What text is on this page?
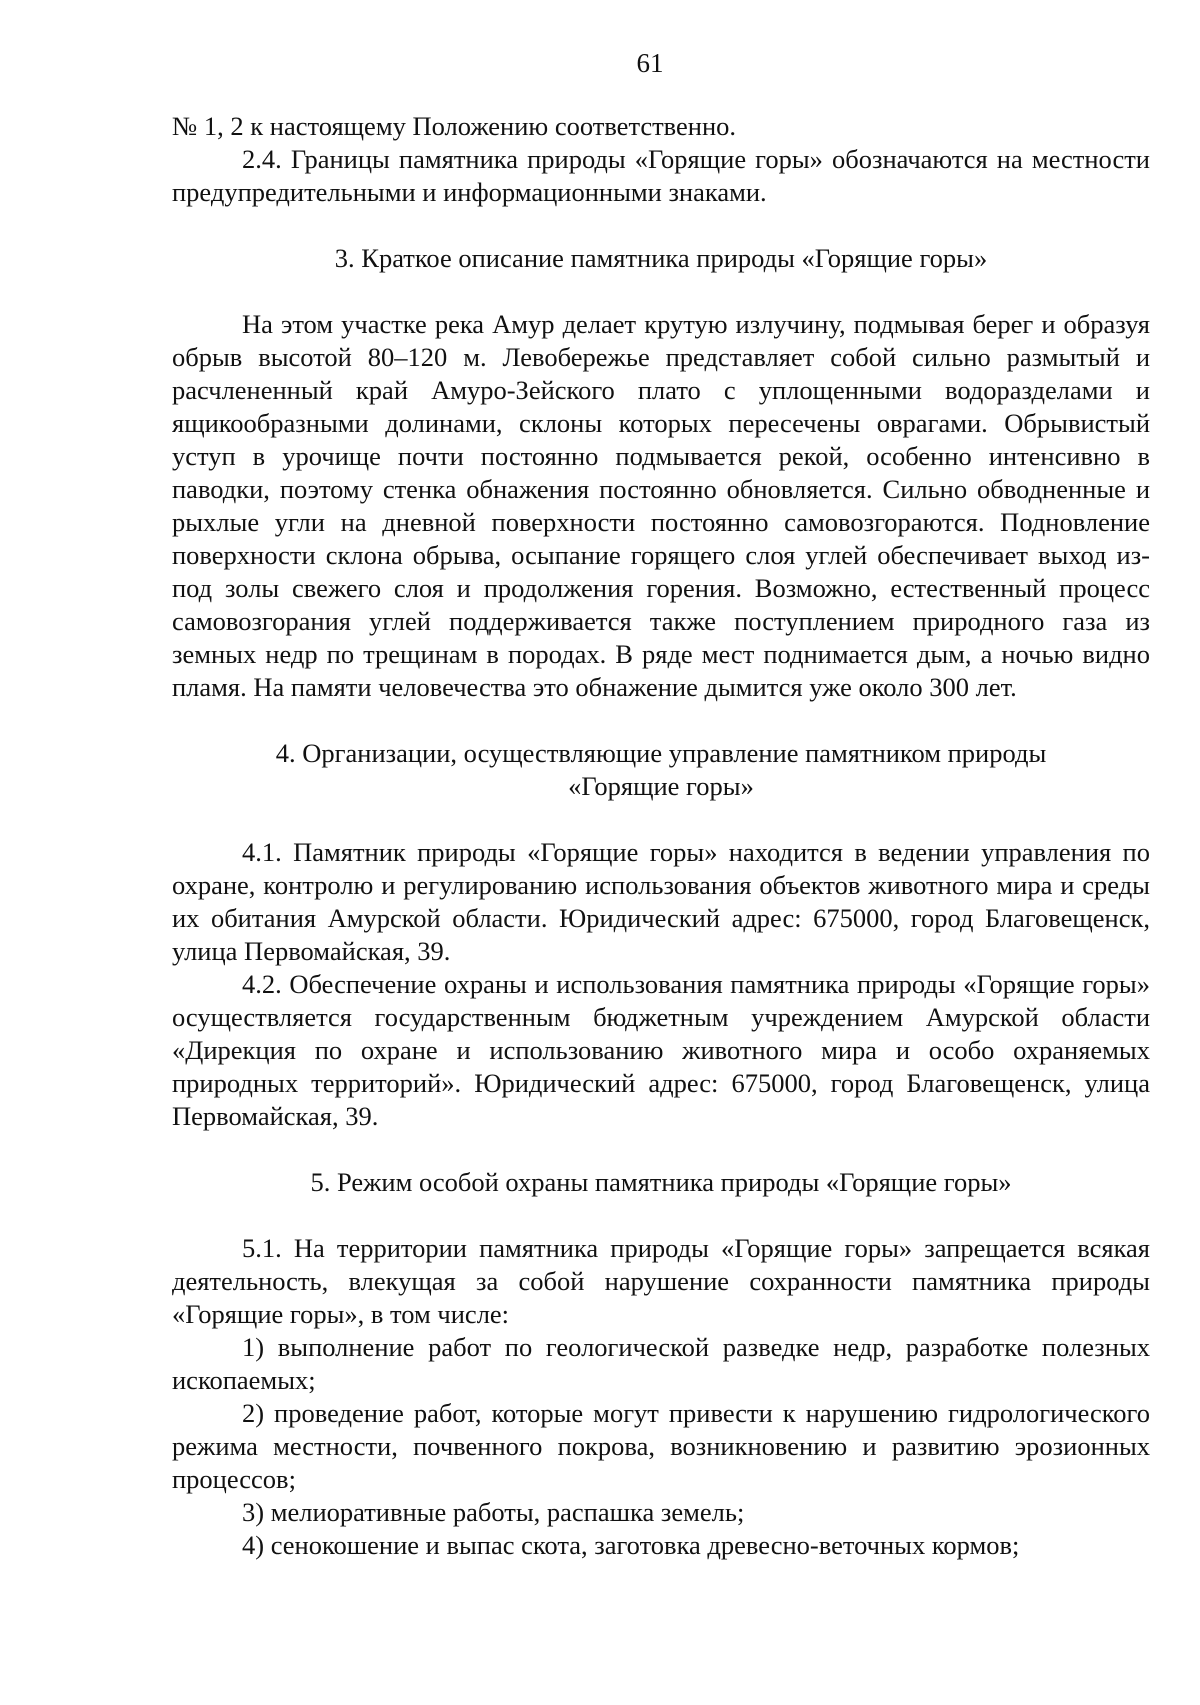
61

№ 1, 2 к настоящему Положению соответственно.

2.4. Границы памятника природы «Горящие горы» обозначаются на местности предупредительными и информационными знаками.

3. Краткое описание памятника природы «Горящие горы»

На этом участке река Амур делает крутую излучину, подмывая берег и образуя обрыв высотой 80–120 м. Левобережье представляет собой сильно размытый и расчлененный край Амуро-Зейского плато с уплощенными водоразделами и ящикообразными долинами, склоны которых пересечены оврагами. Обрывистый уступ в урочище почти постоянно подмывается рекой, особенно интенсивно в паводки, поэтому стенка обнажения постоянно обновляется. Сильно обводненные и рыхлые угли на дневной поверхности постоянно самовозгораются. Подновление поверхности склона обрыва, осыпание горящего слоя углей обеспечивает выход из-под золы свежего слоя и продолжения горения. Возможно, естественный процесс самовозгорания углей поддерживается также поступлением природного газа из земных недр по трещинам в породах. В ряде мест поднимается дым, а ночью видно пламя. На памяти человечества это обнажение дымится уже около 300 лет.

4. Организации, осуществляющие управление памятником природы
«Горящие горы»

4.1. Памятник природы «Горящие горы» находится в ведении управления по охране, контролю и регулированию использования объектов животного мира и среды их обитания Амурской области. Юридический адрес: 675000, город Благовещенск, улица Первомайская, 39.

4.2. Обеспечение охраны и использования памятника природы «Горящие горы» осуществляется государственным бюджетным учреждением Амурской области «Дирекция по охране и использованию животного мира и особо охраняемых природных территорий». Юридический адрес: 675000, город Благовещенск, улица Первомайская, 39.

5. Режим особой охраны памятника природы «Горящие горы»

5.1. На территории памятника природы «Горящие горы» запрещается всякая деятельность, влекущая за собой нарушение сохранности памятника природы «Горящие горы», в том числе:

1) выполнение работ по геологической разведке недр, разработке полезных ископаемых;

2) проведение работ, которые могут привести к нарушению гидрологического режима местности, почвенного покрова, возникновению и развитию эрозионных процессов;

3) мелиоративные работы, распашка земель;

4) сенокошение и выпас скота, заготовка древесно-веточных кормов;
